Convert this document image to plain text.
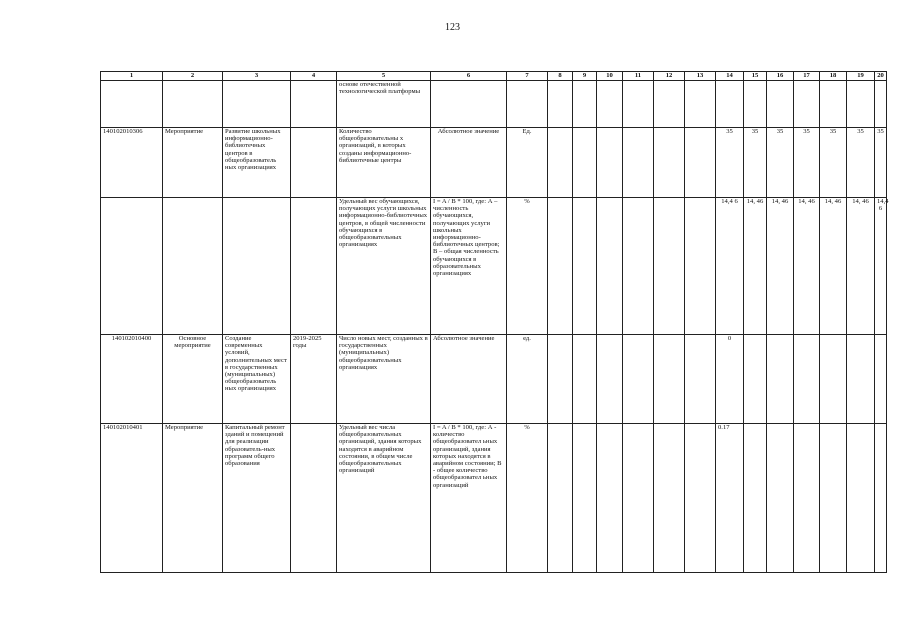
123
1	2	3	4	5	6	7	8	9	10	11	12	13	14	15	16	17	18	19	20
				основе отечественной технологической платформы															
140102010306	Мероприятие	Развитие школьных информационно-библиотечных центров в общеобразователь ных организациях		Количество общеобразовательны х организаций, в которых созданы информационно-библиотечные центры	Абсолютное значение	Ед.							35	35	35	35	35	35	35
				Удельный вес обучающихся, получающих услуги школьных информационно-библиотечных центров, в общей численности обучающихся в общеобразовательных организациях	I = A / B * 100, где: А – численность обучающихся, получающих услуги школьных информационно-библиотечных центров; В – общая численность обучающихся в образовательных организациях	%							14,4 6	14, 46	14, 46	14, 46	14, 46	14, 46	14,4 6
140102010400	Основное мероприятие	Создание современных условий, дополнительных мест в государственных (муниципальных) общеобразователь ных организациях	2019-2025 годы	Число новых мест, созданных в государственных (муниципальных) общеобразовательных организациях	Абсолютное значение	ед.							0						
140102010401	Мероприятие	Капитальный ремонт зданий и помещений для реализации образователь-ных программ общего образования		Удельный вес числа общеобразовательных организаций, здания которых находятся в аварийном состоянии, в общем числе общеобразовательных организаций	I = A / B * 100, где: А - количество общеобразовател ьных организаций, здания которых находятся в аварийном состоянии; В - общее количество общеобразовател ьных организаций	%							0.17						
